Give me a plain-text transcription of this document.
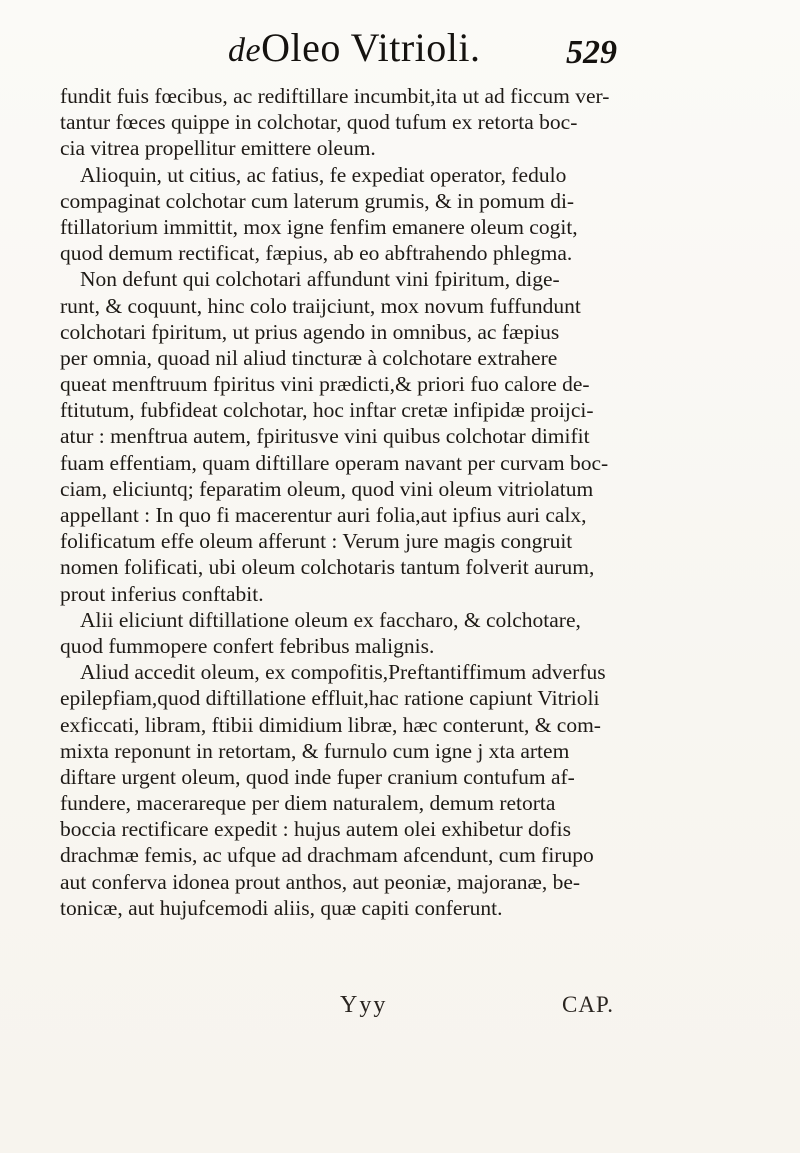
deOleo Vitrioli.	529
fundit fuis fœcibus, ac rediftillare incumbit,ita ut ad ficcum ver-
tantur fœces quippe in colchotar, quod tufum ex retorta boc-
cia vitrea propellitur emittere oleum.
Alioquin, ut citius, ac fatius, fe expediat operator, fedulo
compaginat colchotar cum laterum grumis, & in pomum di-
ftillatorium immittit, mox igne fenfim emanere oleum cogit,
quod demum rectificat, fæpius, ab eo abftrahendo phlegma.
Non defunt qui colchotari affundunt vini fpiritum, dige-
runt, & coquunt, hinc colo traijciunt, mox novum fuffundunt
colchotari fpiritum, ut prius agendo in omnibus, ac fæpius
per omnia, quoad nil aliud tincturæ à colchotare extrahere
queat menftruum fpiritus vini prædicti,& priori fuo calore de-
ftitutum, fubfideat colchotar, hoc inftar cretæ infipidæ proijci-
atur : menftrua autem, fpiritusve vini quibus colchotar dimifit
fuam effentiam, quam diftillare operam navant per curvam boc-
ciam, eliciuntq; feparatim oleum, quod vini oleum vitriolatum
appellant : In quo fi macerentur auri folia,aut ipfius auri calx,
folificatum effe oleum afferunt : Verum jure magis congruit
nomen folificati, ubi oleum colchotaris tantum folverit aurum,
prout inferius conftabit.
Alii eliciunt diftillatione oleum ex faccharo, & colchotare,
quod fummopere confert febribus malignis.
Aliud accedit oleum, ex compofitis,Preftantiffimum adverfus
epilepfiam,quod diftillatione effluit,hac ratione capiunt Vitrioli
exficcati, libram, ftibii dimidium libræ, hæc conterunt, & com-
mixta reponunt in retortam, & furnulo cum igne j xta artem
diftare urgent oleum, quod inde fuper cranium contufum af-
fundere, macerareque per diem naturalem, demum retorta
boccia rectificare expedit : hujus autem olei exhibetur dofis
drachmæ femis, ac ufque ad drachmam afcendunt, cum firupo
aut conferva idonea prout anthos, aut peoniæ, majoranæ, be-
tonicæ, aut hujufcemodi aliis, quæ capiti conferunt.
Yyy	CAP.
